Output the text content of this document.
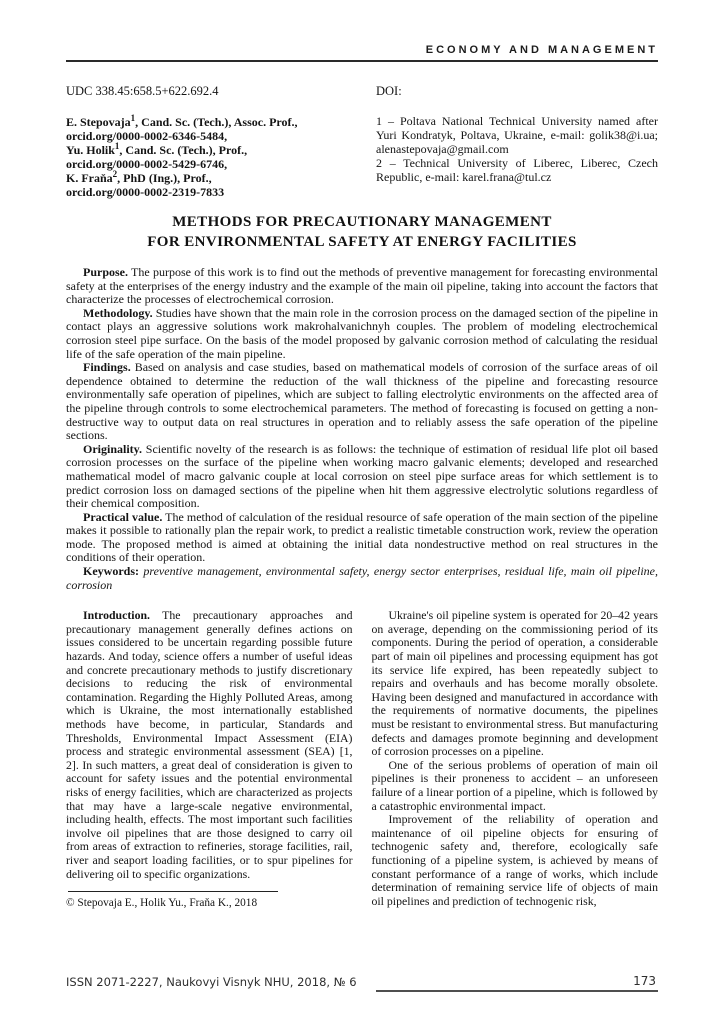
ECONOMY AND MANAGEMENT
UDC 338.45:658.5+622.692.4

E. Stepovaja$^1$, Cand. Sc. (Tech.), Assoc. Prof.,

orcid.org/0000-0002-6346-5484,

Yu. Holik$^1$, Cand. Sc. (Tech.), Prof.,

orcid.org/0000-0002-5429-6746,

K. Fraňa$^2$, PhD (Ing.), Prof.,

orcid.org/0000-0002-2319-7833

DOI:

1 – Poltava National Technical University named after Yuri Kondratyk, Poltava, Ukraine, e-mail: golik38@i.ua; alenastepovaja@gmail.com

2 – Technical University of Liberec, Liberec, Czech Republic, e-mail: karel.frana@tul.cz

METHODS FOR PRECAUTIONARY MANAGEMENT
FOR ENVIRONMENTAL SAFETY AT ENERGY FACILITIES

Purpose. The purpose of this work is to find out the methods of preventive management for forecasting environmental safety at the enterprises of the energy industry and the example of the main oil pipeline, taking into account the factors that characterize the processes of electrochemical corrosion.

Methodology. Studies have shown that the main role in the corrosion process on the damaged section of the pipeline in contact plays an aggressive solutions work makrohalvanichnyh couples. The problem of modeling electrochemical corrosion steel pipe surface. On the basis of the model proposed by galvanic corrosion method of calculating the residual life of the safe operation of the main pipeline.

Findings. Based on analysis and case studies, based on mathematical models of corrosion of the surface areas of oil dependence obtained to determine the reduction of the wall thickness of the pipeline and forecasting resource environmentally safe operation of pipelines, which are subject to falling electrolytic environments on the affected area of the pipeline through controls to some electrochemical parameters. The method of forecasting is focused on getting a non-destructive way to output data on real structures in operation and to reliably assess the safe operation of the pipeline sections.

Originality. Scientific novelty of the research is as follows: the technique of estimation of residual life plot oil based corrosion processes on the surface of the pipeline when working macro galvanic elements; developed and researched mathematical model of macro galvanic couple at local corrosion on steel pipe surface areas for which settlement is to predict corrosion loss on damaged sections of the pipeline when hit them aggressive electrolytic solutions regardless of their chemical composition.

Practical value. The method of calculation of the residual resource of safe operation of the main section of the pipeline makes it possible to rationally plan the repair work, to predict a realistic timetable construction work, review the operation mode. The proposed method is aimed at obtaining the initial data nondestructive method on real structures in the conditions of their operation.

Keywords: preventive management, environmental safety, energy sector enterprises, residual life, main oil pipeline, corrosion

Introduction. The precautionary approaches and precautionary management generally defines actions on issues considered to be uncertain regarding possible future hazards. And today, science offers a number of useful ideas and concrete precautionary methods to justify discretionary decisions to reducing the risk of environmental contamination. Regarding the Highly Polluted Areas, among which is Ukraine, the most internationally established methods have become, in particular, Standards and Thresholds, Environmental Impact Assessment (EIA) process and strategic environmental assessment (SEA) [1, 2]. In such matters, a great deal of consideration is given to account for safety issues and the potential environmental risks of energy facilities, which are characterized as projects that may have a large-scale negative environmental, including health, effects. The most important such facilities involve oil pipelines that are those designed to carry oil from areas of extraction to refineries, storage facilities, rail, river and seaport loading facilities, or to spur pipelines for delivering oil to specific organizations.

© Stepovaja E., Holik Yu., Fraňa K., 2018

Ukraine's oil pipeline system is operated for 20–42 years on average, depending on the commissioning period of its components. During the period of operation, a considerable part of main oil pipelines and processing equipment has got its service life expired, has been repeatedly subject to repairs and overhauls and has become morally obsolete. Having been designed and manufactured in accordance with the requirements of normative documents, the pipelines must be resistant to environmental stress. But manufacturing defects and damages promote beginning and development of corrosion processes on a pipeline.

One of the serious problems of operation of main oil pipelines is their proneness to accident – an unforeseen failure of a linear portion of a pipeline, which is followed by a catastrophic environmental impact.

Improvement of the reliability of operation and maintenance of oil pipeline objects for ensuring of technogenic safety and, therefore, ecologically safe functioning of a pipeline system, is achieved by means of constant performance of a range of works, which include determination of remaining service life of objects of main oil pipelines and prediction of technogenic risk,

ISSN 2071-2227, Naukovyi Visnyk NHU, 2018, № 6	173
